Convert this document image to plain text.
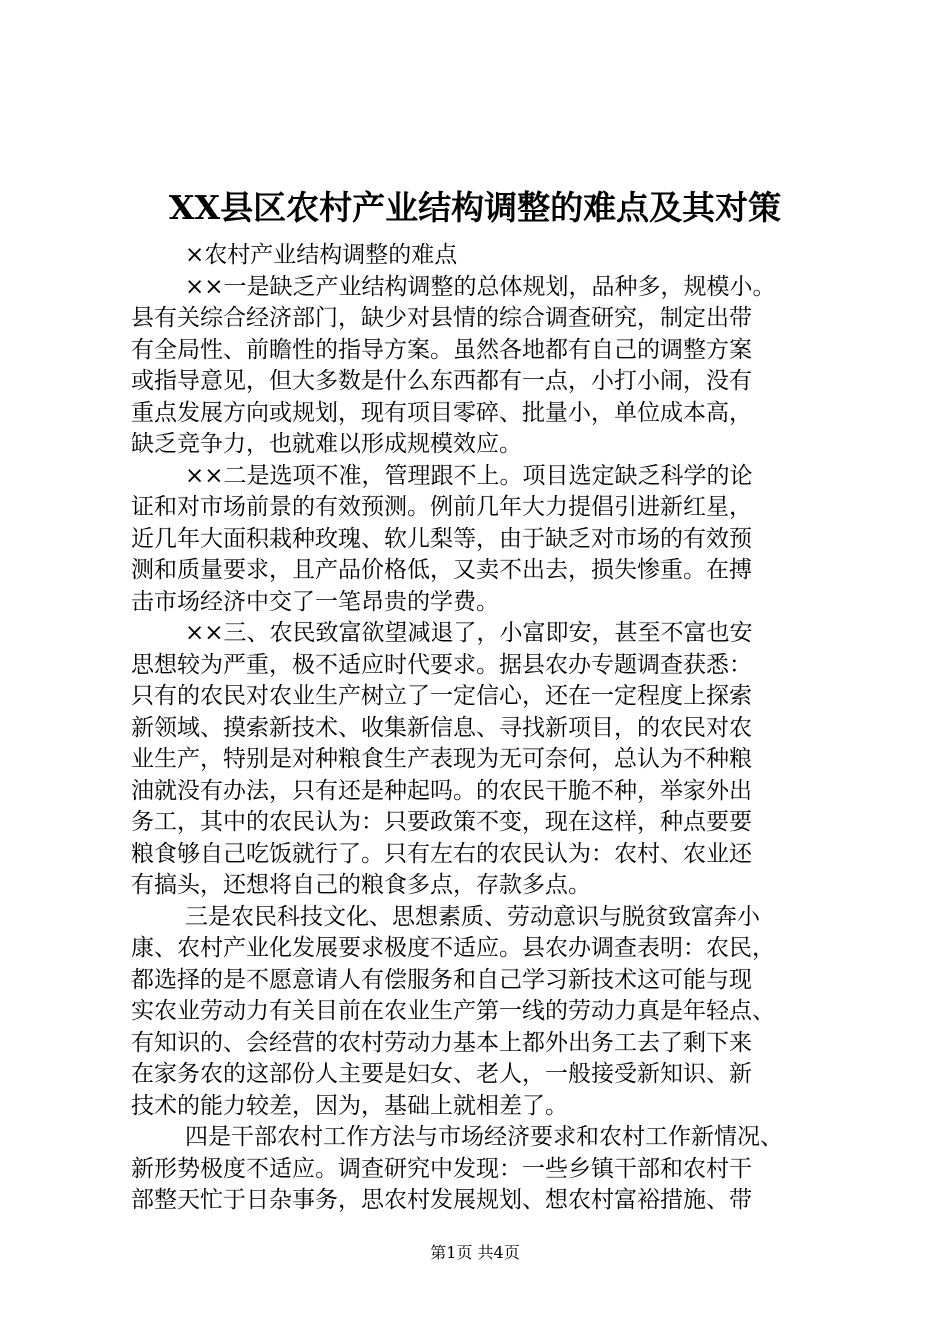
XX县区农村产业结构调整的难点及其对策
×农村产业结构调整的难点
××一是缺乏产业结构调整的总体规划，品种多，规模小。
县有关综合经济部门，缺少对县情的综合调查研究，制定出带
有全局性、前瞻性的指导方案。虽然各地都有自己的调整方案
或指导意见，但大多数是什么东西都有一点，小打小闹，没有
重点发展方向或规划，现有项目零碎、批量小，单位成本高，
缺乏竞争力，也就难以形成规模效应。
××二是选项不准，管理跟不上。项目选定缺乏科学的论
证和对市场前景的有效预测。例前几年大力提倡引进新红星，
近几年大面积栽种玫瑰、软儿梨等，由于缺乏对市场的有效预
测和质量要求，且产品价格低，又卖不出去，损失惨重。在搏
击市场经济中交了一笔昂贵的学费。
××三、农民致富欲望减退了，小富即安，甚至不富也安
思想较为严重，极不适应时代要求。据县农办专题调查获悉：
只有的农民对农业生产树立了一定信心，还在一定程度上探索
新领域、摸索新技术、收集新信息、寻找新项目，的农民对农
业生产，特别是对种粮食生产表现为无可奈何，总认为不种粮
油就没有办法，只有还是种起吗。的农民干脆不种，举家外出
务工，其中的农民认为：只要政策不变，现在这样，种点要要
粮食够自己吃饭就行了。只有左右的农民认为：农村、农业还
有搞头，还想将自己的粮食多点，存款多点。
三是农民科技文化、思想素质、劳动意识与脱贫致富奔小
康、农村产业化发展要求极度不适应。县农办调查表明：农民，
都选择的是不愿意请人有偿服务和自己学习新技术这可能与现
实农业劳动力有关目前在农业生产第一线的劳动力真是年轻点、
有知识的、会经营的农村劳动力基本上都外出务工去了剩下来
在家务农的这部份人主要是妇女、老人，一般接受新知识、新
技术的能力较差，因为，基础上就相差了。
四是干部农村工作方法与市场经济要求和农村工作新情况、
新形势极度不适应。调查研究中发现：一些乡镇干部和农村干
部整天忙于日杂事务，思农村发展规划、想农村富裕措施、带
第1页 共4页
